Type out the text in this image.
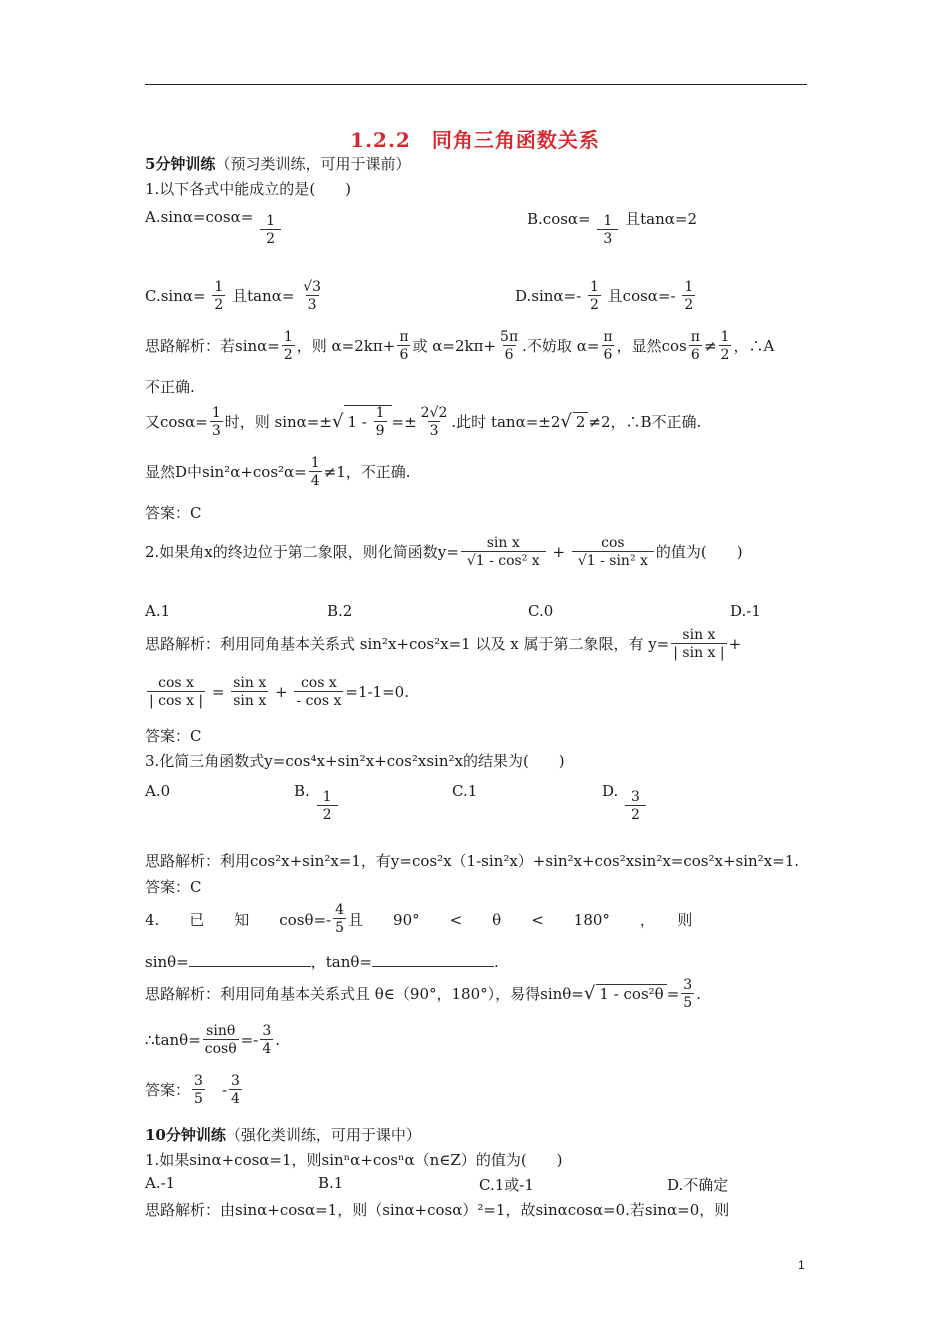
1.2.2　同角三角函数关系
5分钟训练（预习类训练，可用于课前）
1.以下各式中能成立的是(　　)
$A.\sin\alpha=\cos\alpha= \frac{1}{2}$	$B.\cos\alpha= \frac{1}{3}$ 且tanα=2
$C.\sin\alpha= \frac{1}{2}$ 且$\tan\alpha= \frac{√3}{3}$	$D.\sin\alpha=- \frac{1}{2}$ 且$\cos\alpha=- \frac{1}{2}$
思路解析：若$\sin\alpha= \frac{1}{2}$ ，则 $\alpha=2k\pi+ \frac{\pi}{6}$ 或 $\alpha=2k\pi+ \frac{5\pi}{6}$ .不妨取 $\alpha= \frac{\pi}{6}$ ，显然$\cos \frac{\pi}{6} \ne \frac{1}{2}$ ，∴A
不正确.
又$\cos\alpha= \frac{1}{3}$ 时，则 sinα=±√ $1 - \frac{1}{9} =\pm \frac{2√2}{3}$ .此时 tanα=±2√ 2 ≠2，∴B不正确.
显然D中$\sin^2\alpha+\cos^2\alpha= \frac{1}{4} \ne 1$，不正确.
答案：C
2.如果角x的终边位于第二象限，则化简函数$y= \frac{\text{sin x}}{\text{√1 - cos² x}} + \frac{\cos}{\text{√1 - sin² x}}$ 的值为(　　)
A.1	B.2	C.0	D.-1
思路解析：利用同角基本关系式 sin²x+cos²x=1 以及 x 属于第二象限，有 $y= \frac{\text{sin x}}{\text{| sin x |}}$ +
$\frac{\text{cos x}}{\text{| cos x |}} = \frac{\text{sin x}}{\text{sin x}} + \frac{\text{cos x}}{\text{- cos x}} =1-1=0$.
答案：C
3.化简三角函数式y=cos⁴x+sin²x+cos²xsin²x的结果为(　　)
A.0	B. $\frac{1}{2}$	C.1	D. $\frac{3}{2}$
思路解析：利用cos²x+sin²x=1，有y=cos²x（1-sin²x）+sin²x+cos²xsin²x=cos²x+sin²x=1.
答案：C
4.　　已　　知　　$\cos\theta=- \frac{4}{5}$ 且　　90°　　<　　θ　　<　　180°　　，　　则
sinθ=	，tanθ=	.
思路解析：利用同角基本关系式且 θ∈（90°，180°），易得sinθ=√ $1 - \cos^2\theta = \frac{3}{5}$ .
∴tanθ= $\frac{\sin\theta}{\cos\theta} =- \frac{3}{4}$ .
答案： $\frac{3}{5}$ 　- $\frac{3}{4}$
10分钟训练（强化类训练，可用于课中）
1.如果sinα+cosα=1，则sinⁿα+cosⁿα（n∈Z）的值为(　　)
A.-1	B.1	C.1或-1	D.不确定
思路解析：由sinα+cosα=1，则（sinα+cosα）²=1，故sinαcosα=0.若sinα=0，则
1
